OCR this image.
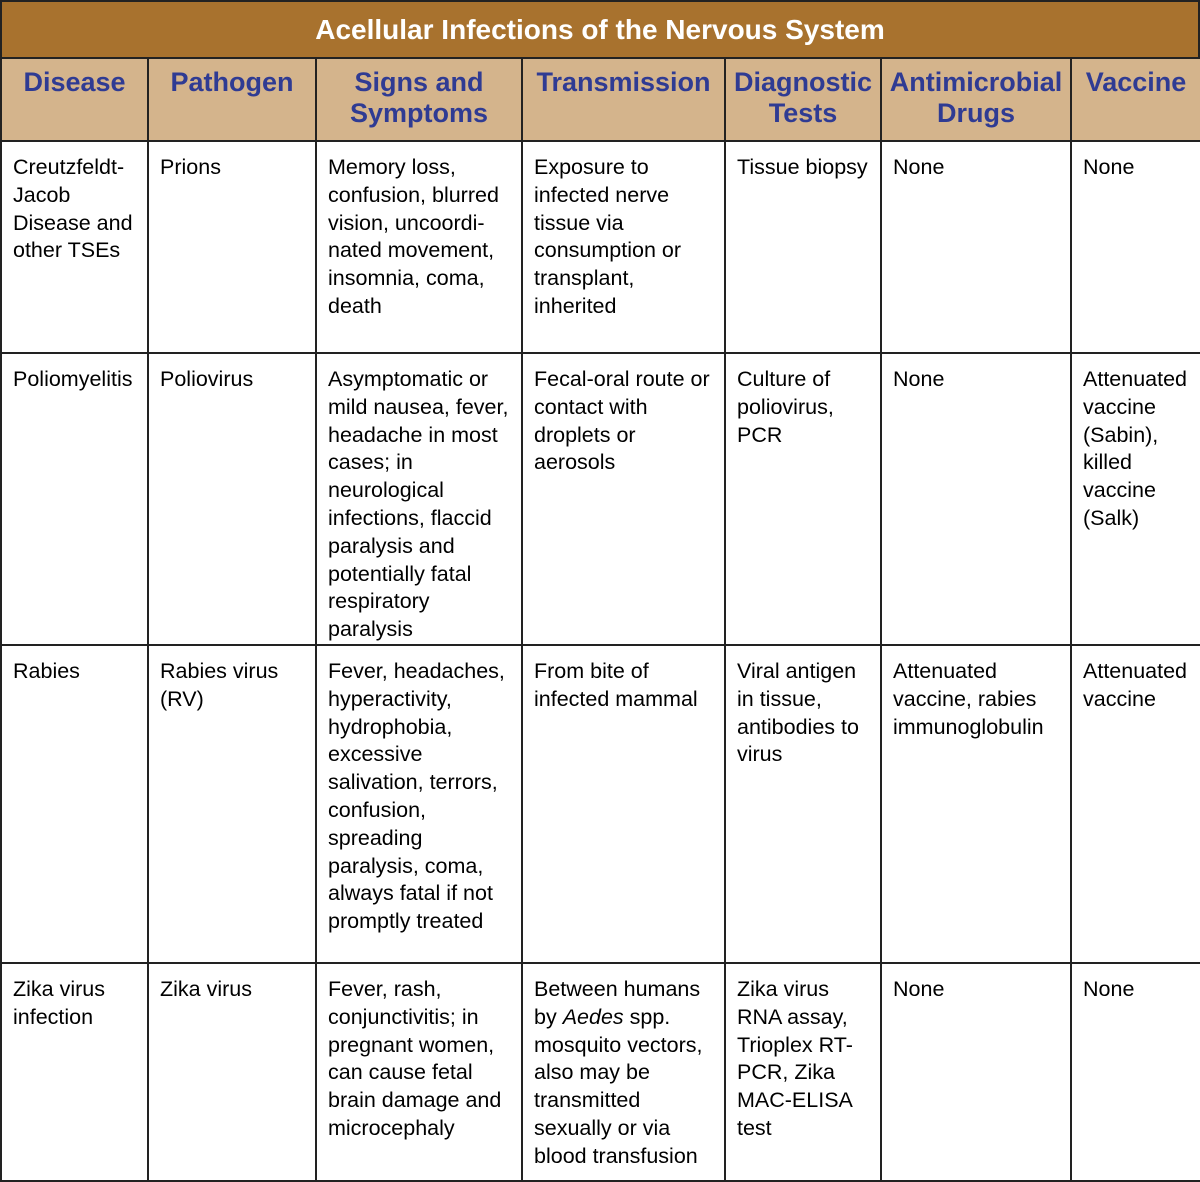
Acellular Infections of the Nervous System
Disease	Pathogen	Signs and Symptoms	Transmission	Diagnostic Tests	Antimicrobial Drugs	Vaccine
Creutzfeldt-Jacob Disease and other TSEs	Prions	Memory loss, confusion, blurred vision, uncoordinated movement, insomnia, coma, death	Exposure to infected nerve tissue via consumption or transplant, inherited	Tissue biopsy	None	None
Poliomyelitis	Poliovirus	Asymptomatic or mild nausea, fever, headache in most cases; in neurological infections, flaccid paralysis and potentially fatal respiratory paralysis	Fecal-oral route or contact with droplets or aerosols	Culture of poliovirus, PCR	None	Attenuated vaccine (Sabin), killed vaccine (Salk)
Rabies	Rabies virus (RV)	Fever, headaches, hyperactivity, hydrophobia, excessive salivation, terrors, confusion, spreading paralysis, coma, always fatal if not promptly treated	From bite of infected mammal	Viral antigen in tissue, antibodies to virus	Attenuated vaccine, rabies immunoglobulin	Attenuated vaccine
Zika virus infection	Zika virus	Fever, rash, conjunctivitis; in pregnant women, can cause fetal brain damage and microcephaly	Between humans by Aedes spp. mosquito vectors, also may be transmitted sexually or via blood transfusion	Zika virus RNA assay, Trioplex RT-PCR, Zika MAC-ELISA test	None	None
